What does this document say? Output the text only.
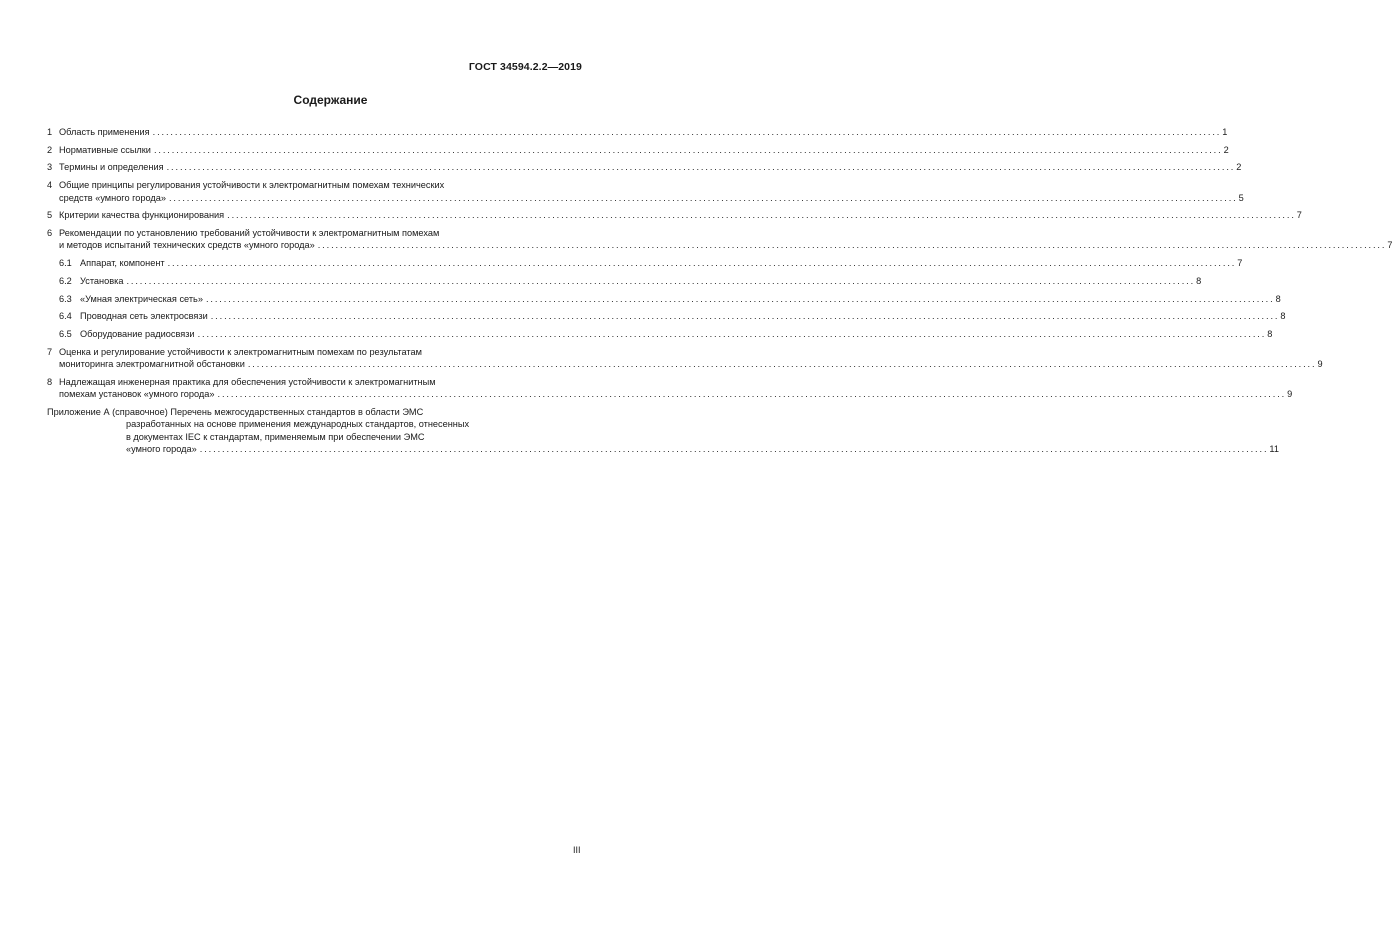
ГОСТ 34594.2.2—2019
Содержание
1 Область применения ................................................................................................................................................................................................................................................ 1
2 Нормативные ссылки ................................................................................................................................................................................................................................................ 2
3 Термины и определения ................................................................................................................................................................................................................................................ 2
4 Общие принципы регулирования устойчивости к электромагнитным помехам технических
средств «умного города» ................................................................................................................................................................................................................................................ 5
5 Критерии качества функционирования ................................................................................................................................................................................................................................................ 7
6 Рекомендации по установлению требований устойчивости к электромагнитным помехам
и методов испытаний технических средств «умного города» ................................................................................................................................................................................................................................................ 7
6.1 Аппарат, компонент ................................................................................................................................................................................................................................................ 7
6.2 Установка ................................................................................................................................................................................................................................................ 8
6.3 «Умная электрическая сеть» ................................................................................................................................................................................................................................................ 8
6.4 Проводная сеть электросвязи ................................................................................................................................................................................................................................................ 8
6.5 Оборудование радиосвязи ................................................................................................................................................................................................................................................ 8
7 Оценка и регулирование устойчивости к электромагнитным помехам по результатам
мониторинга электромагнитной обстановки ................................................................................................................................................................................................................................................ 9
8 Надлежащая инженерная практика для обеспечения устойчивости к электромагнитным
помехам установок «умного города» ................................................................................................................................................................................................................................................ 9
Приложение А (справочное) Перечень межгосударственных стандартов в области ЭМС
разработанных на основе применения международных стандартов, отнесенных
в документах IEC к стандартам, применяемым при обеспечении ЭМС
«умного города» ................................................................................................................................................................................................................................................ 11
III
